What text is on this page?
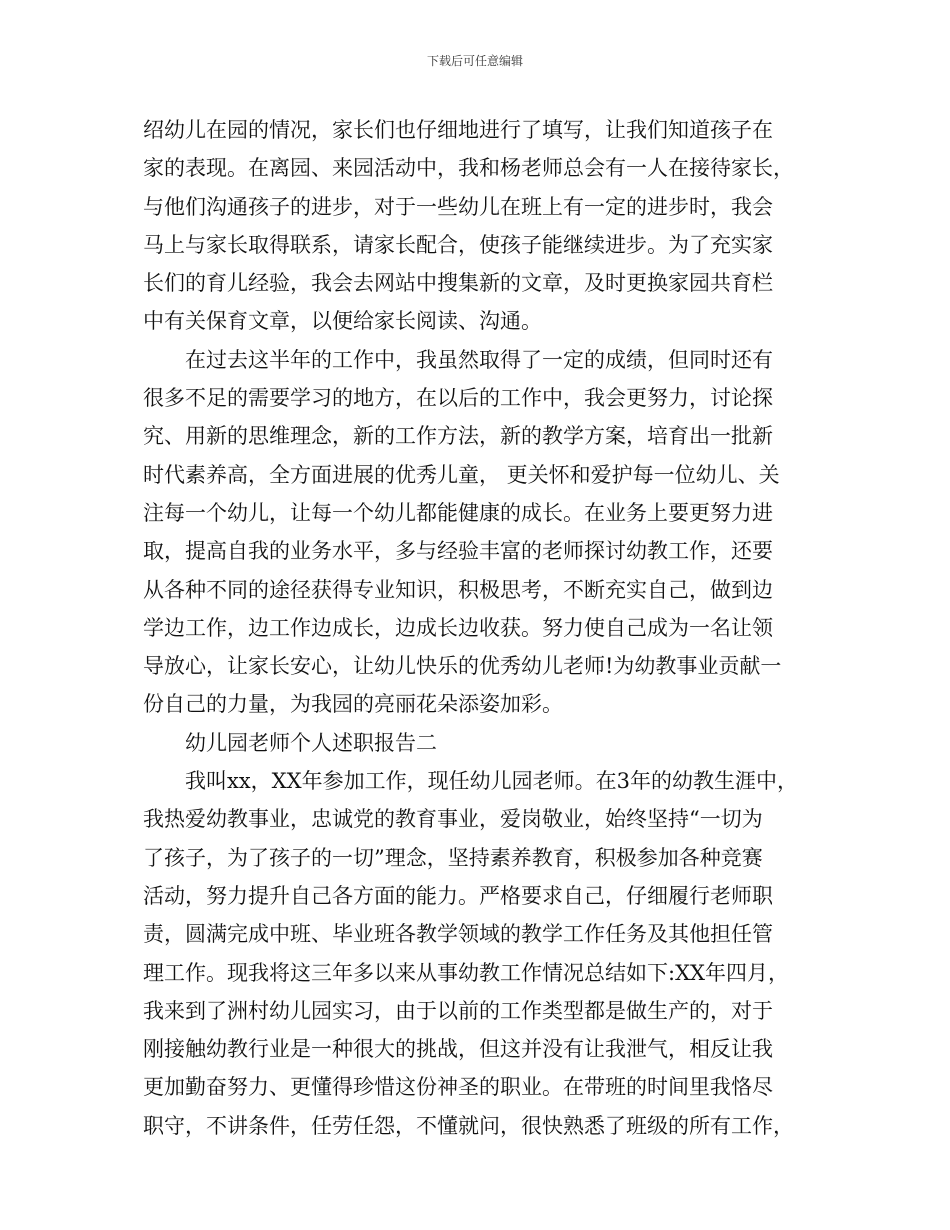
下载后可任意编辑
绍幼儿在园的情况，家长们也仔细地进行了填写，让我们知道孩子在
家的表现。在离园、来园活动中，我和杨老师总会有一人在接待家长，
与他们沟通孩子的进步，对于一些幼儿在班上有一定的进步时，我会
马上与家长取得联系，请家长配合，使孩子能继续进步。为了充实家
长们的育儿经验，我会去网站中搜集新的文章，及时更换家园共育栏
中有关保育文章，以便给家长阅读、沟通。
在过去这半年的工作中，我虽然取得了一定的成绩，但同时还有
很多不足的需要学习的地方，在以后的工作中，我会更努力，讨论探
究、用新的思维理念，新的工作方法，新的教学方案，培育出一批新
时代素养高，全方面进展的优秀儿童， 更关怀和爱护每一位幼儿、关
注每一个幼儿，让每一个幼儿都能健康的成长。在业务上要更努力进
取，提高自我的业务水平，多与经验丰富的老师探讨幼教工作，还要
从各种不同的途径获得专业知识，积极思考，不断充实自己，做到边
学边工作，边工作边成长，边成长边收获。努力使自己成为一名让领
导放心，让家长安心，让幼儿快乐的优秀幼儿老师!为幼教事业贡献一
份自己的力量，为我园的亮丽花朵添姿加彩。
幼儿园老师个人述职报告二
我叫xx，XX年参加工作，现任幼儿园老师。在3年的幼教生涯中，
我热爱幼教事业，忠诚党的教育事业，爱岗敬业，始终坚持“一切为
了孩子，为了孩子的一切”理念，坚持素养教育，积极参加各种竞赛
活动，努力提升自己各方面的能力。严格要求自己，仔细履行老师职
责，圆满完成中班、毕业班各教学领域的教学工作任务及其他担任管
理工作。现我将这三年多以来从事幼教工作情况总结如下:XX年四月，
我来到了洲村幼儿园实习，由于以前的工作类型都是做生产的，对于
刚接触幼教行业是一种很大的挑战，但这并没有让我泄气，相反让我
更加勤奋努力、更懂得珍惜这份神圣的职业。在带班的时间里我恪尽
职守，不讲条件，任劳任怨，不懂就问，很快熟悉了班级的所有工作，
